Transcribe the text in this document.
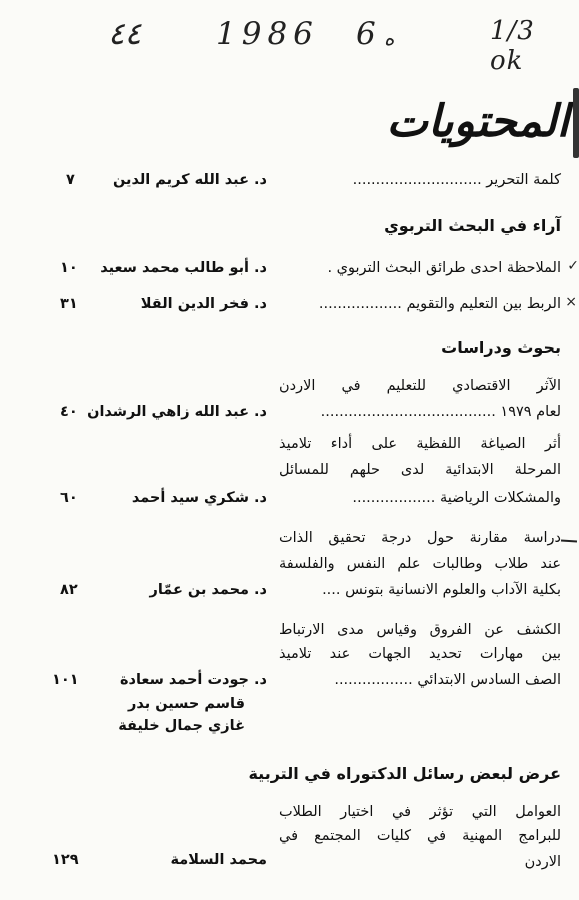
٤٤ 1986 6 ه	1/3 ok
المحتويات
كلمة التحرير ............................
د. عبد الله كريم الدين
٧
آراء في البحث التربوي
✓
الملاحظة احدى طرائق البحث التربوي .
د. أبو طالب محمد سعيد
١٠
×
الربط بين التعليم والتقويم ..................
د. فخر الدين القلا
٣١
بحوث ودراسات
الآثر الاقتصادي للتعليم في الاردن
لعام ١٩٧٩ ......................................
د. عبد الله زاهي الرشدان
٤٠
أثر الصياغة اللفظية على أداء تلاميذ
المرحلة الابتدائية لدى حلهم للمسائل
والمشكلات الرياضية ..................
د. شكري سيد أحمد
٦٠
دراسة مقارنة حول درجة تحقيق الذات
عند طلاب وطالبات علم النفس والفلسفة
بكلية الآداب والعلوم الانسانية بتونس ....
د. محمد بن عمّار
٨٢
الكشف عن الفروق وقياس مدى الارتباط
بين مهارات تحديد الجهات عند تلاميذ
الصف السادس الابتدائي .................
د. جودت أحمد سعادة
قاسم حسين بدر
غازي جمال خليفة
١٠١
عرض لبعض رسائل الدكتوراه في التربية
العوامل التي تؤثر في اختيار الطلاب
للبرامج المهنية في كليات المجتمع في
الاردن
محمد السلامة
١٢٩
